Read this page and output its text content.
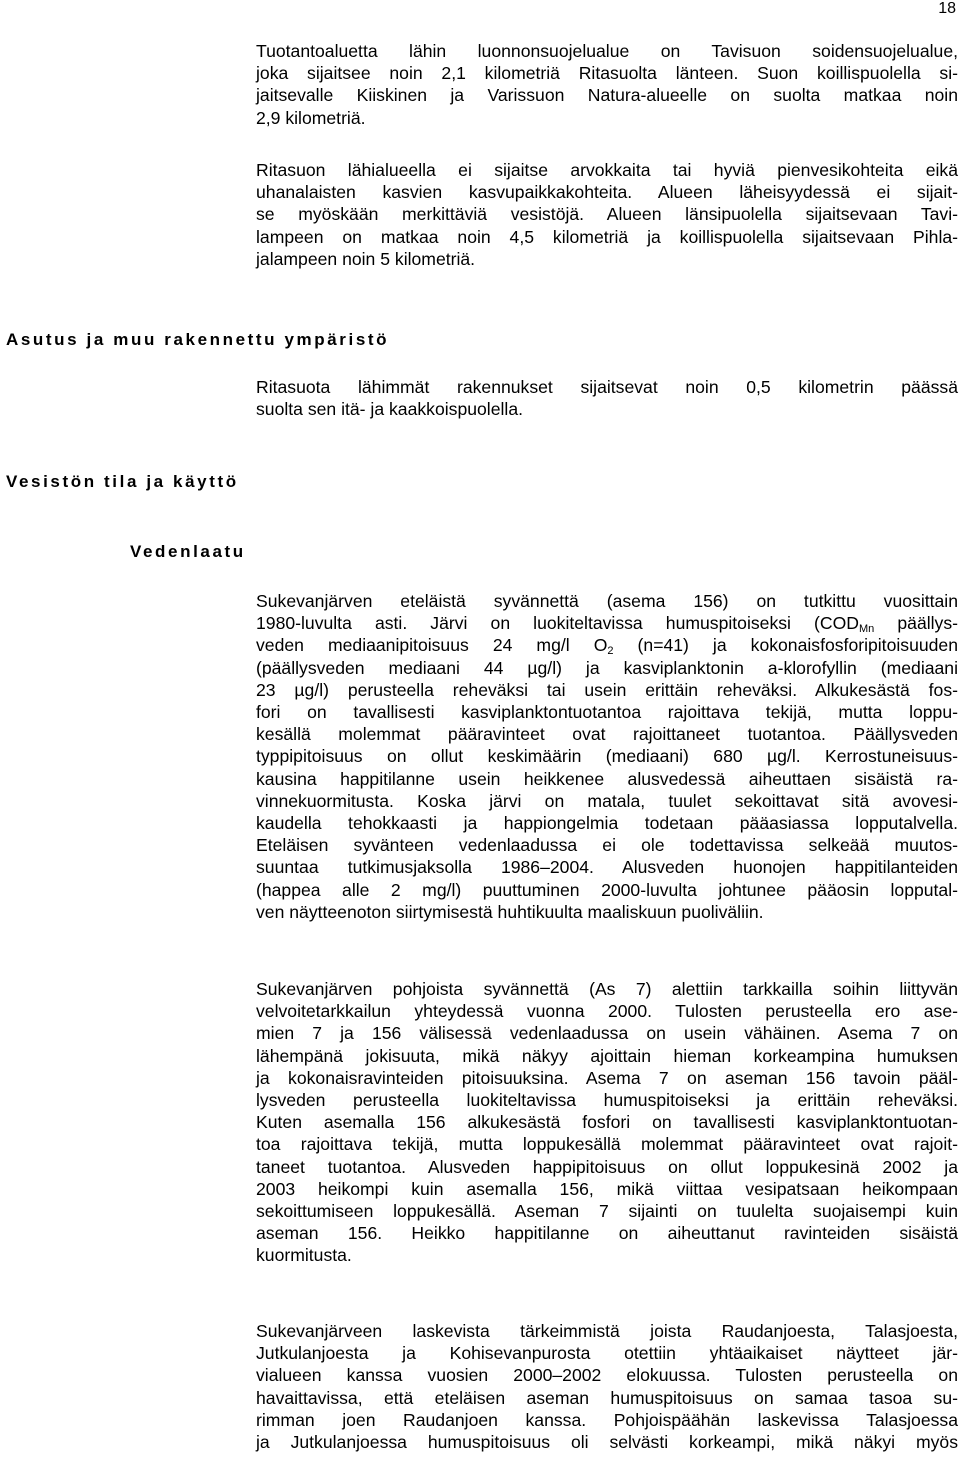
18
Tuotantoaluetta lähin luonnonsuojelualue on Tavisuon soidensuojelualue,
joka sijaitsee noin 2,1 kilometriä Ritasuolta länteen. Suon koillispuolella si-
jaitsevalle Kiiskinen ja Varissuon Natura-alueelle on suolta matkaa noin
2,9 kilometriä.
Ritasuon lähialueella ei sijaitse arvokkaita tai hyviä pienvesikohteita eikä
uhanalaisten kasvien kasvupaikkakohteita. Alueen läheisyydessä ei sijait-
se myöskään merkittäviä vesistöjä. Alueen länsipuolella sijaitsevaan Tavi-
lampeen on matkaa noin 4,5 kilometriä ja koillispuolella sijaitsevaan Pihla-
jalampeen noin 5 kilometriä.
Asutus ja muu rakennettu ympäristö
Ritasuota lähimmät rakennukset sijaitsevat noin 0,5 kilometrin päässä
suolta sen itä- ja kaakkoispuolella.
Vesistön tila ja käyttö
Vedenlaatu
Sukevanjärven eteläistä syvännettä (asema 156) on tutkittu vuosittain
1980-luvulta asti. Järvi on luokiteltavissa humuspitoiseksi ($COD_{Mn}$ päällys-
veden mediaanipitoisuus 24 mg/l $O_2$ (n=41) ja kokonaisfosforipitoisuuden
(päällysveden mediaani 44 µg/l) ja kasviplanktonin a-klorofyllin (mediaani
23 µg/l) perusteella reheväksi tai usein erittäin reheväksi. Alkukesästä fos-
fori on tavallisesti kasviplanktontuotantoa rajoittava tekijä, mutta loppu-
kesällä molemmat pääravinteet ovat rajoittaneet tuotantoa. Päällysveden
typpipitoisuus on ollut keskimäärin (mediaani) 680 µg/l. Kerrostuneisuus-
kausina happitilanne usein heikkenee alusvedessä aiheuttaen sisäistä ra-
vinnekuormitusta. Koska järvi on matala, tuulet sekoittavat sitä avovesi-
kaudella tehokkaasti ja happiongelmia todetaan pääasiassa lopputalvella.
Eteläisen syvänteen vedenlaadussa ei ole todettavissa selkeää muutos-
suuntaa tutkimusjaksolla 1986–2004. Alusveden huonojen happitilanteiden
(happea alle 2 mg/l) puuttuminen 2000-luvulta johtunee pääosin lopputal-
ven näytteenoton siirtymisestä huhtikuulta maaliskuun puoliväliin.
Sukevanjärven pohjoista syvännettä (As 7) alettiin tarkkailla soihin liittyvän
velvoitetarkkailun yhteydessä vuonna 2000. Tulosten perusteella ero ase-
mien 7 ja 156 välisessä vedenlaadussa on usein vähäinen. Asema 7 on
lähempänä jokisuuta, mikä näkyy ajoittain hieman korkeampina humuksen
ja kokonaisravinteiden pitoisuuksina. Asema 7 on aseman 156 tavoin pääl-
lysveden perusteella luokiteltavissa humuspitoiseksi ja erittäin reheväksi.
Kuten asemalla 156 alkukesästä fosfori on tavallisesti kasviplanktontuotan-
toa rajoittava tekijä, mutta loppukesällä molemmat pääravinteet ovat rajoit-
taneet tuotantoa. Alusveden happipitoisuus on ollut loppukesinä 2002 ja
2003 heikompi kuin asemalla 156, mikä viittaa vesipatsaan heikompaan
sekoittumiseen loppukesällä. Aseman 7 sijainti on tuulelta suojaisempi kuin
aseman 156. Heikko happitilanne on aiheuttanut ravinteiden sisäistä
kuormitusta.
Sukevanjärveen laskevista tärkeimmistä joista Raudanjoesta, Talasjoesta,
Jutkulanjoesta ja Kohisevanpurosta otettiin yhtäaikaiset näytteet jär-
vialueen kanssa vuosien 2000–2002 elokuussa. Tulosten perusteella on
havaittavissa, että eteläisen aseman humuspitoisuus on samaa tasoa su-
rimman joen Raudanjoen kanssa. Pohjoispäähän laskevissa Talasjoessa
ja Jutkulanjoessa humuspitoisuus oli selvästi korkeampi, mikä näkyi myös
